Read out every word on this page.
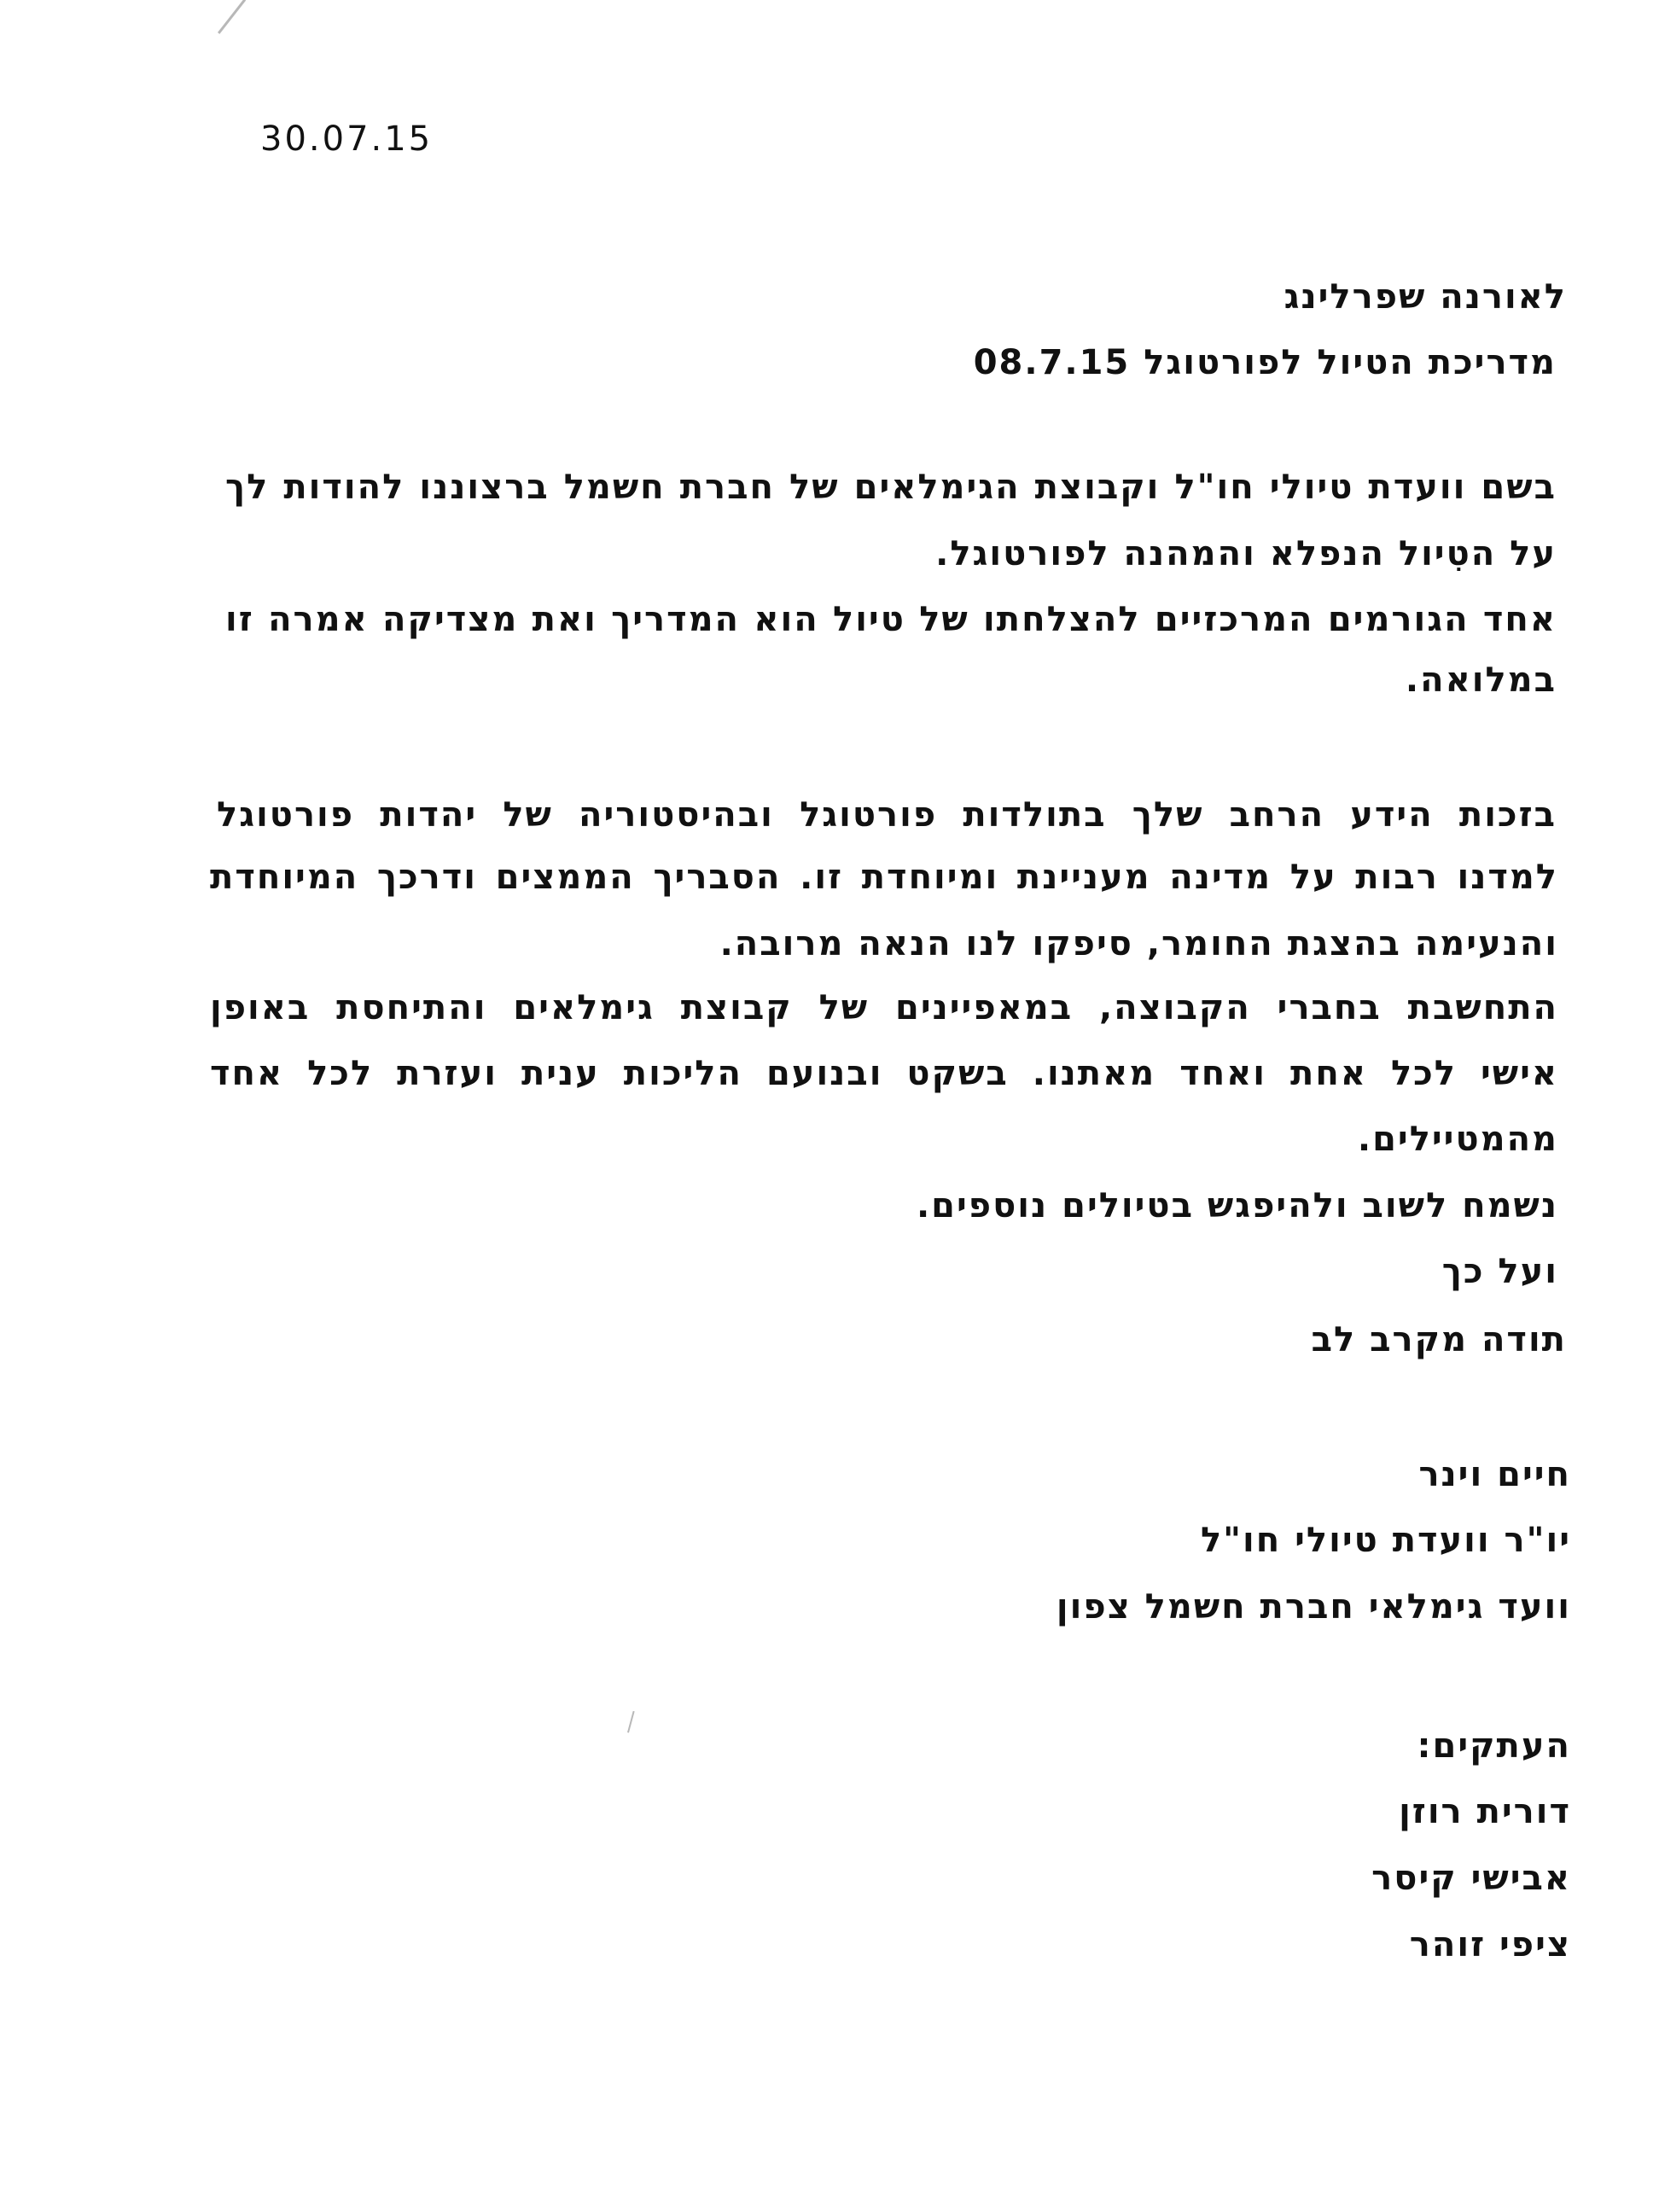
30.07.15
לאורנה שפרלינג
מדריכת הטיול לפורטוגל 08.7.15
בשם וועדת טיולי חו"ל וקבוצת הגימלאים של חברת חשמל ברצוננו להודות לך
על הטִיול הנפלא והמהנה לפורטוגל.
אחד הגורמים המרכזיים להצלחתו של טיול הוא המדריך ואת מצדיקה אמרה זו
במלואה.
בזכות הידע הרחב שלך בתולדות פורטוגל ובהיסטוריה של יהדות פורטוגל
למדנו רבות על מדינה מעניינת ומיוחדת זו. הסבריך הממצים ודרכך המיוחדת
והנעימה בהצגת החומר, סיפקו לנו הנאה מרובה.
התחשבת בחברי הקבוצה, במאפיינים של קבוצת גימלאים והתיחסת באופן
אישי לכל אחת ואחד מאתנו. בשקט ובנועם הליכות ענית ועזרת לכל אחד
מהמטיילים.
נשמח לשוב ולהיפגש בטיולים נוספים.
ועל כך
תודה מקרב לב
חיים וינר
יו"ר וועדת טיולי חו"ל
וועד גימלאי חברת חשמל צפון
העתקים:
דורית רוזן
אבישי קיסר
ציפי זוהר
